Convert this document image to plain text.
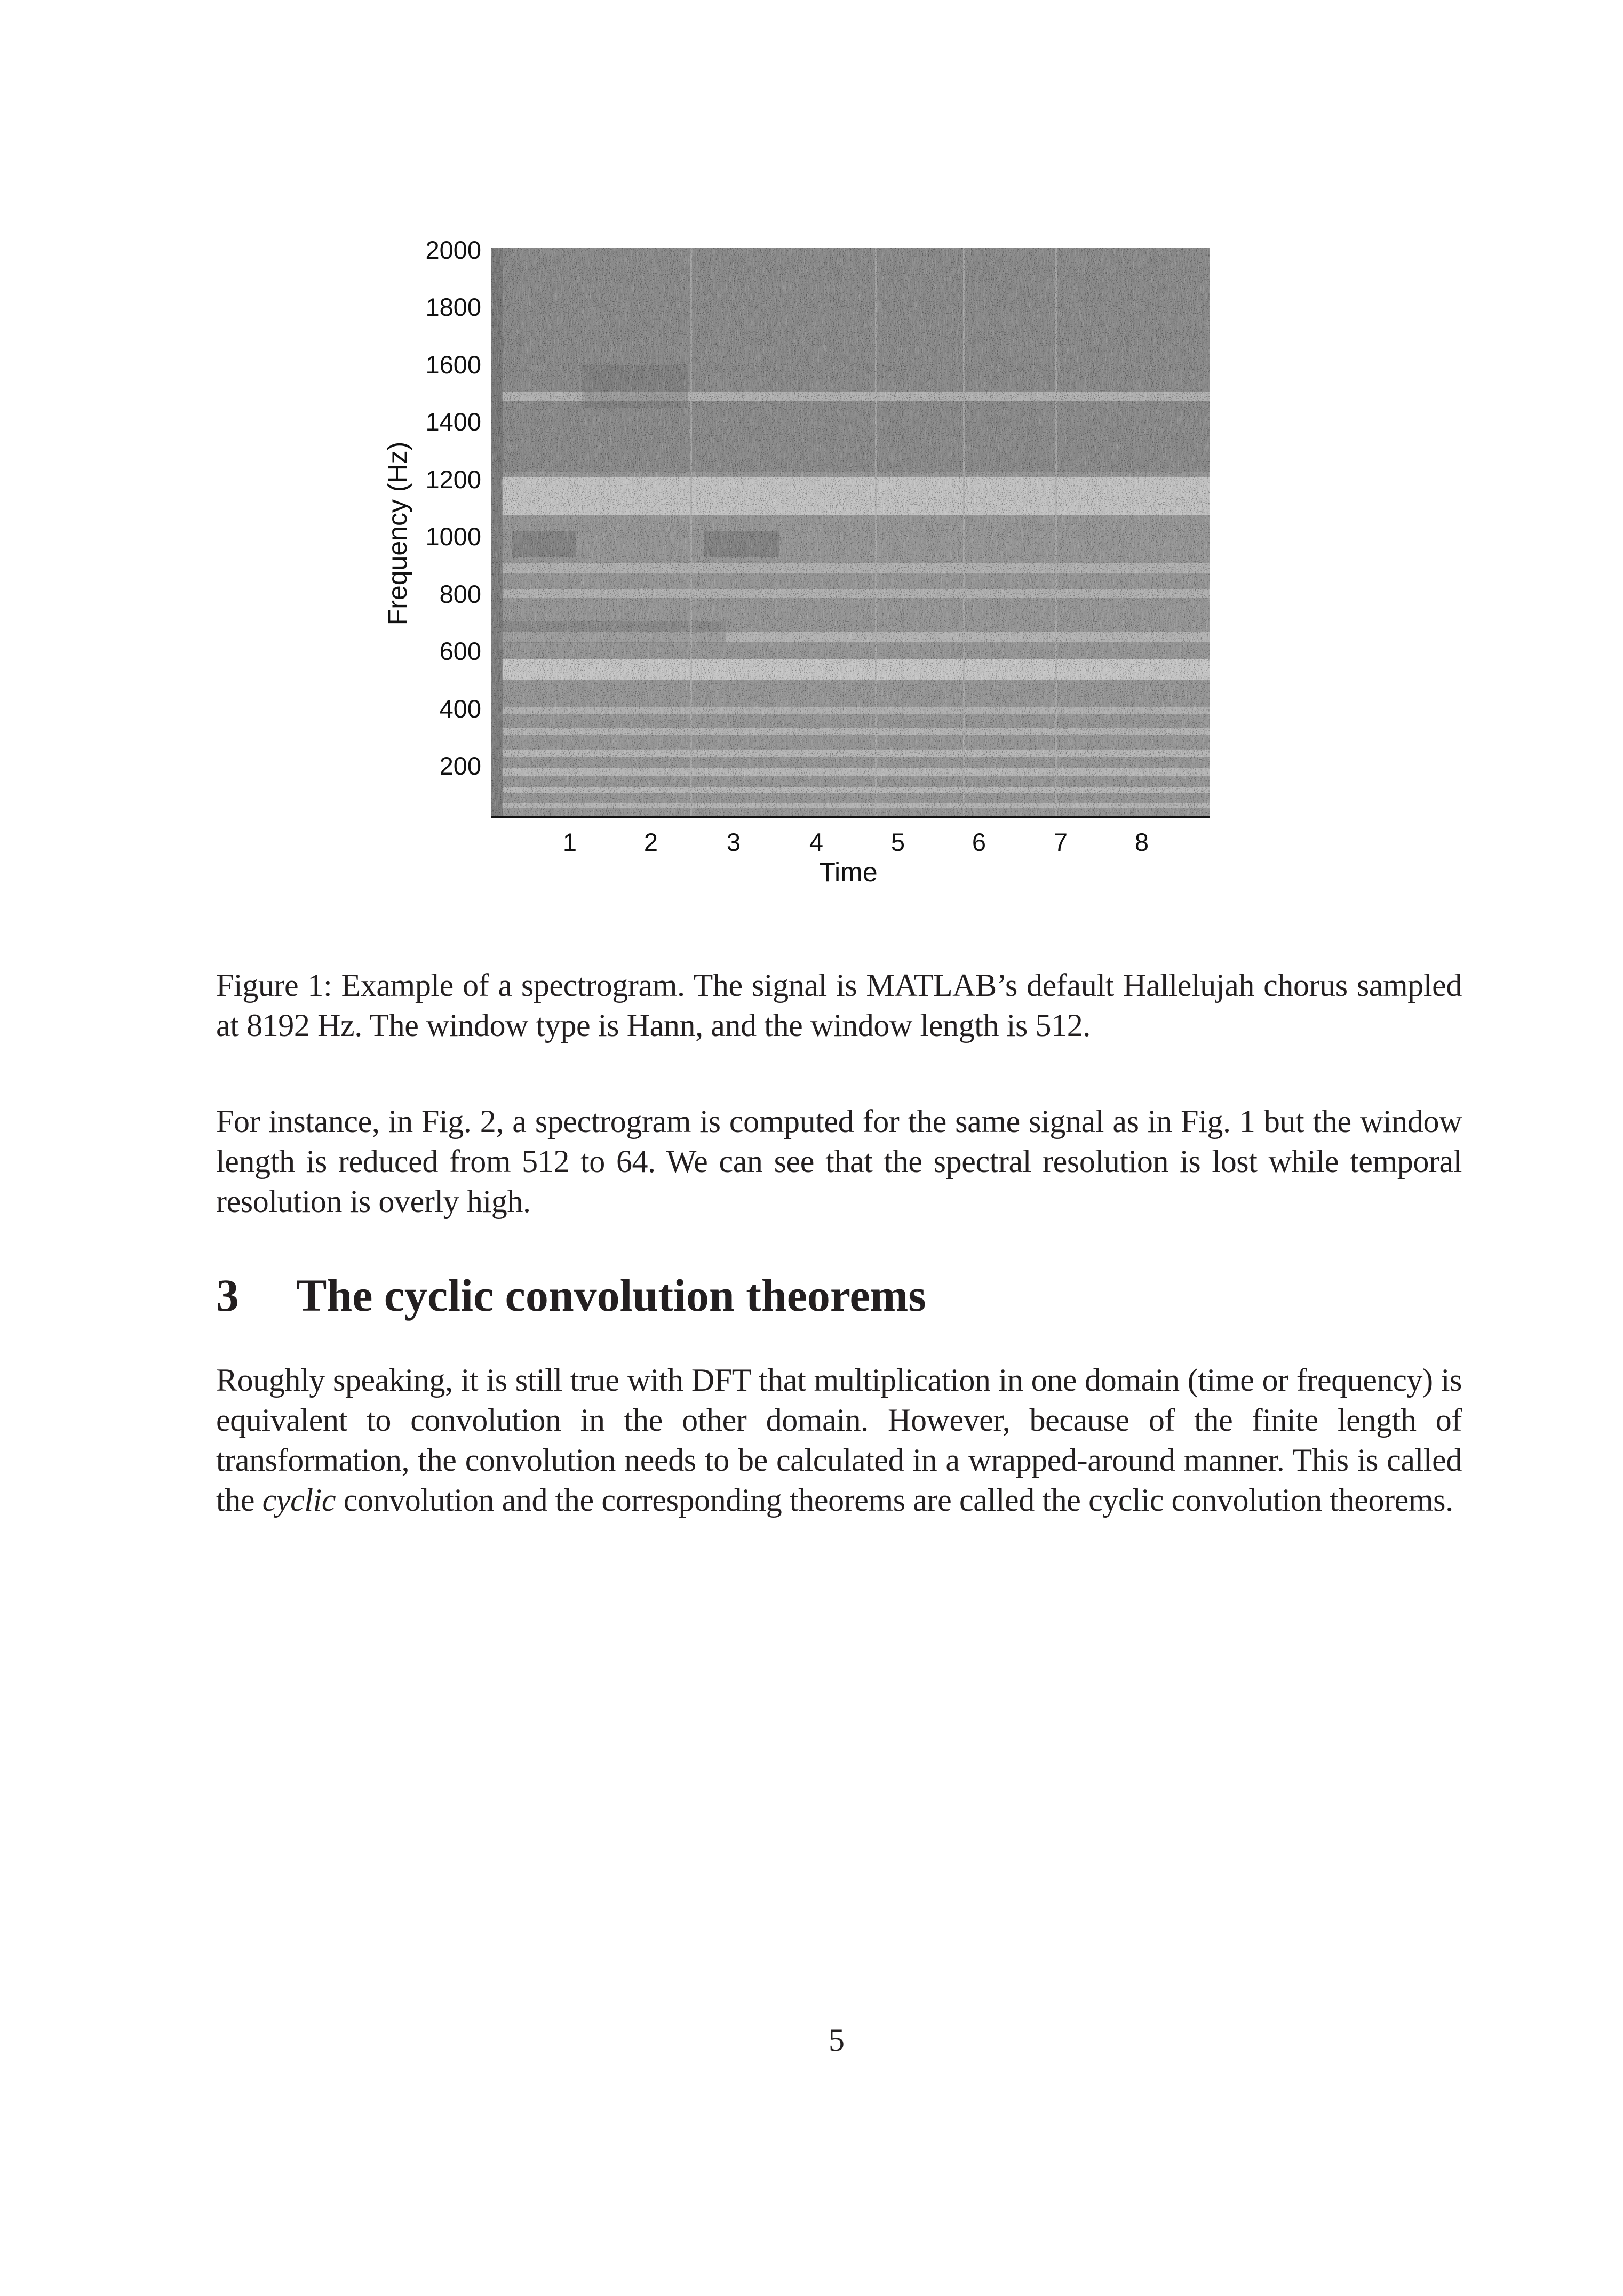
Frequency (Hz)
2000
1800
1600
1400
1200
1000
800
600
400
200
1	2	3	4	5	6	7	8
Time
Figure 1: Example of a spectrogram. The signal is MATLAB’s default Hallelujah chorus sampled at 8192 Hz. The window type is Hann, and the window length is 512.
For instance, in Fig. 2, a spectrogram is computed for the same signal as in Fig. 1 but the window length is reduced from 512 to 64. We can see that the spectral resolution is lost while temporal resolution is overly high.
3 The cyclic convolution theorems
Roughly speaking, it is still true with DFT that multiplication in one domain (time or frequency) is equivalent to convolution in the other domain. However, because of the finite length of transformation, the convolution needs to be calculated in a wrapped-around manner. This is called the cyclic convolution and the corresponding theorems are called the cyclic convolution theorems.
5
